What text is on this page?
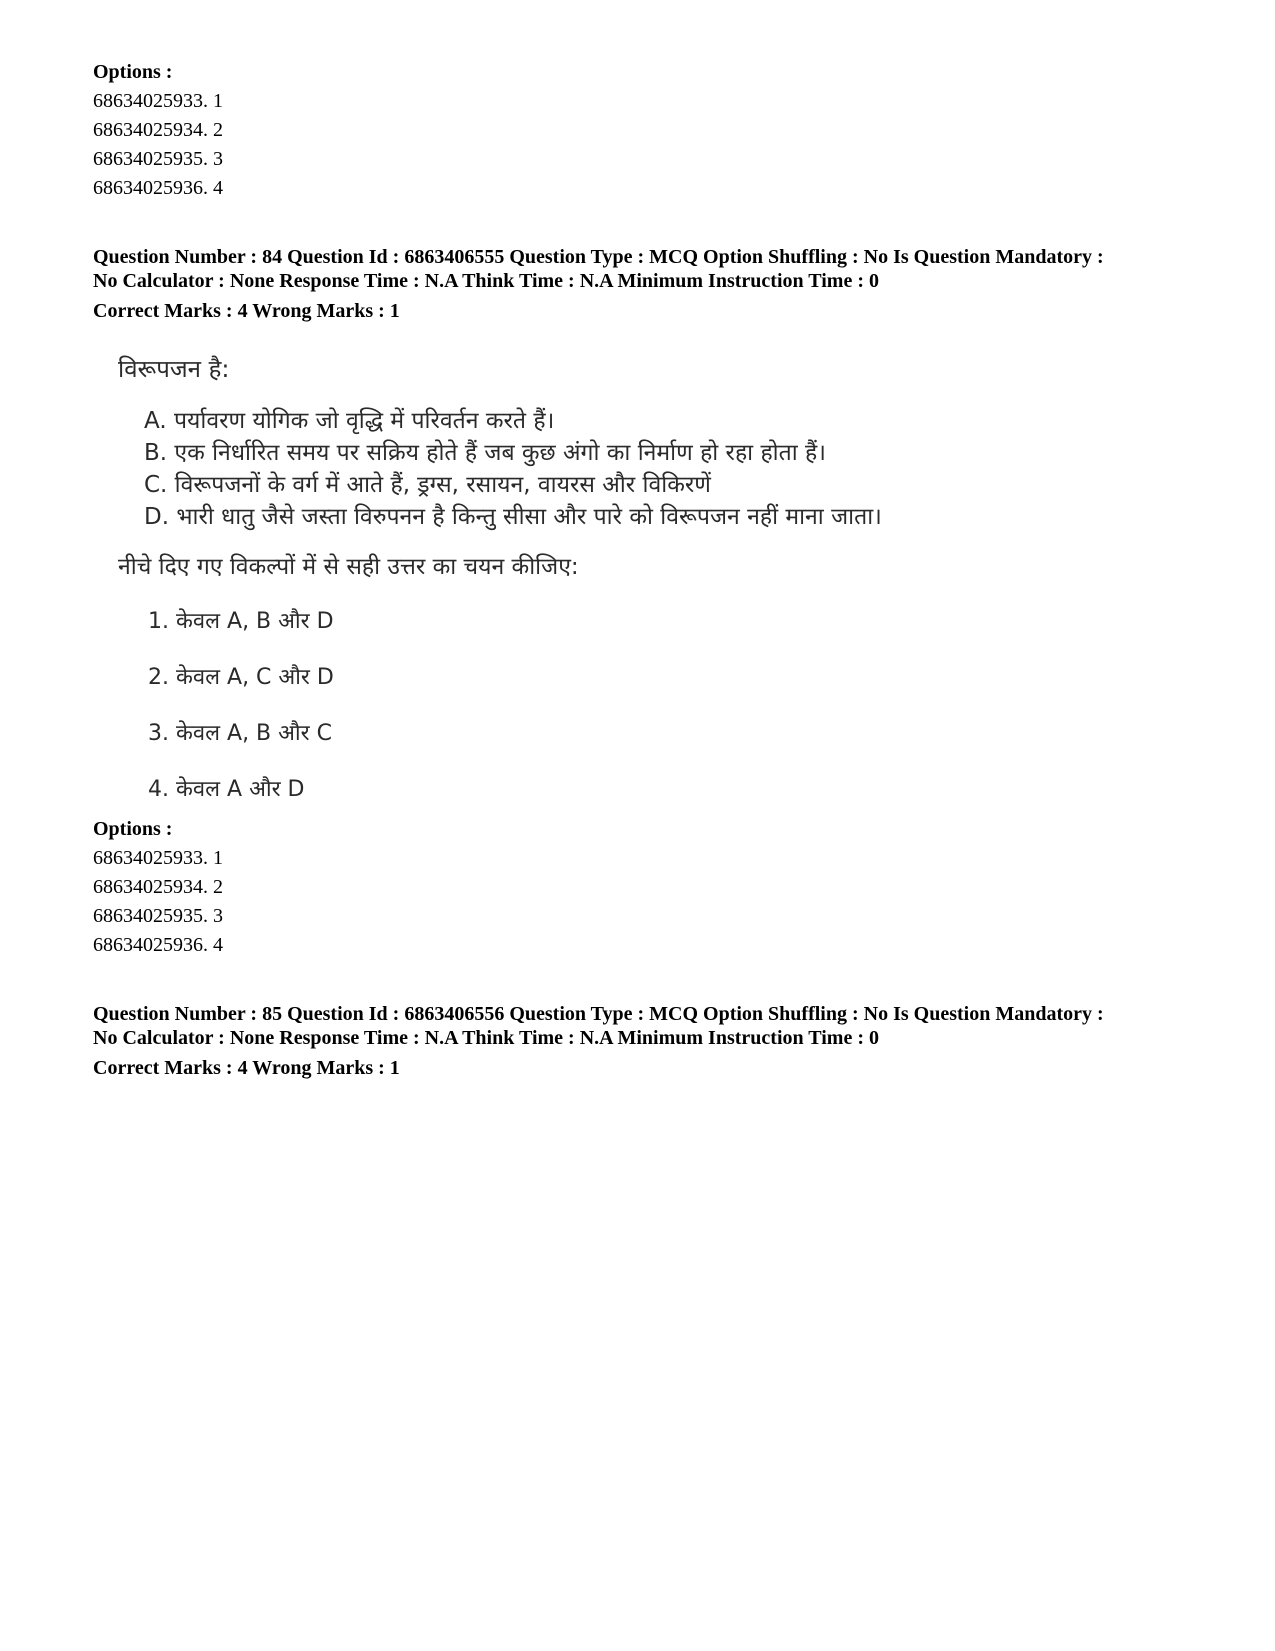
Options :
68634025933. 1
68634025934. 2
68634025935. 3
68634025936. 4
Question Number : 84 Question Id : 6863406555 Question Type : MCQ Option Shuffling : No Is Question Mandatory :
No Calculator : None Response Time : N.A Think Time : N.A Minimum Instruction Time : 0
Correct Marks : 4 Wrong Marks : 1
विरूपजन है:
A. पर्यावरण योगिक जो वृद्धि में परिवर्तन करते हैं।
B. एक निर्धारित समय पर सक्रिय होते हैं जब कुछ अंगो का निर्माण हो रहा होता हैं।
C. विरूपजनों के वर्ग में आते हैं, ड्रग्स, रसायन, वायरस और विकिरणें
D. भारी धातु जैसे जस्ता विरुपनन है किन्तु सीसा और पारे को विरूपजन नहीं माना जाता।
नीचे दिए गए विकल्पों में से सही उत्तर का चयन कीजिए:
1. केवल A, B और D
2. केवल A, C और D
3. केवल A, B और C
4. केवल A और D
Options :
68634025933. 1
68634025934. 2
68634025935. 3
68634025936. 4
Question Number : 85 Question Id : 6863406556 Question Type : MCQ Option Shuffling : No Is Question Mandatory :
No Calculator : None Response Time : N.A Think Time : N.A Minimum Instruction Time : 0
Correct Marks : 4 Wrong Marks : 1
